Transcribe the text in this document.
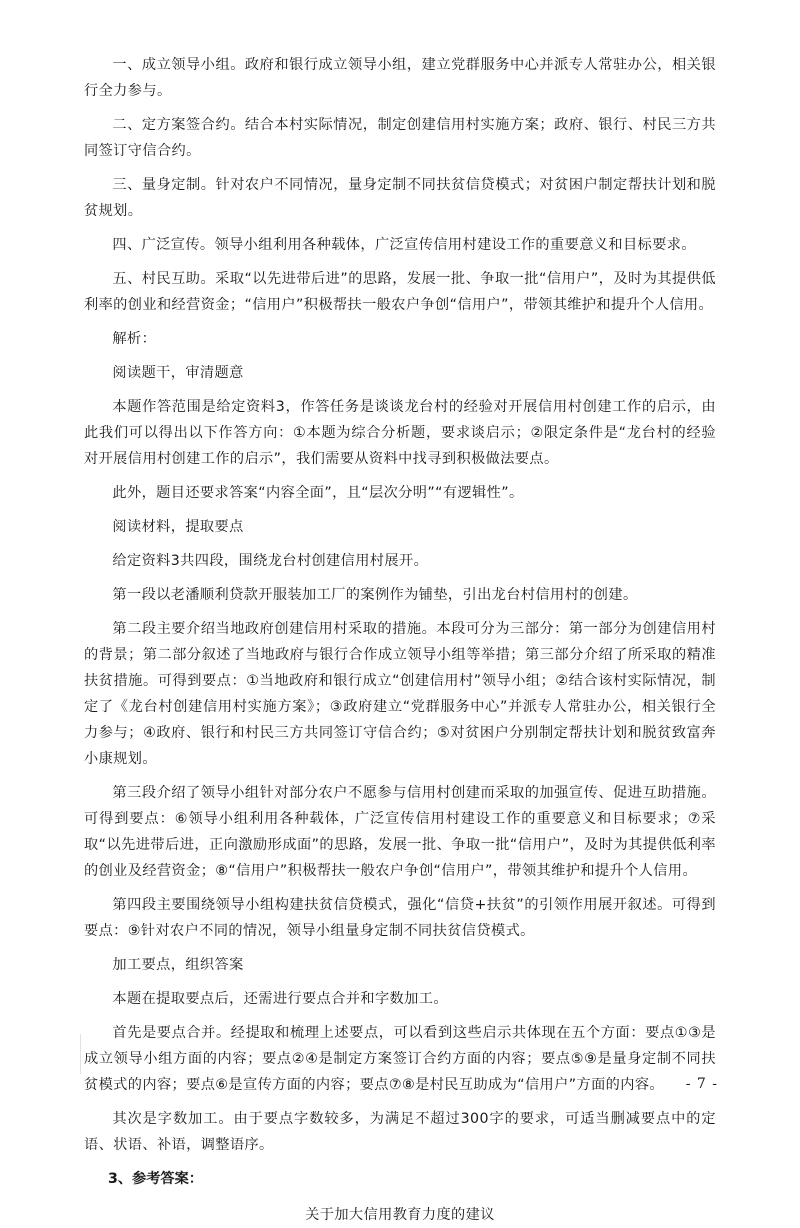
一、成立领导小组。政府和银行成立领导小组，建立党群服务中心并派专人常驻办公，相关银行全力参与。

二、定方案签合约。结合本村实际情况，制定创建信用村实施方案；政府、银行、村民三方共同签订守信合约。

三、量身定制。针对农户不同情况，量身定制不同扶贫信贷模式；对贫困户制定帮扶计划和脱贫规划。

四、广泛宣传。领导小组利用各种载体，广泛宣传信用村建设工作的重要意义和目标要求。

五、村民互助。采取“以先进带后进”的思路，发展一批、争取一批“信用户”，及时为其提供低利率的创业和经营资金；“信用户”积极帮扶一般农户争创“信用户”，带领其维护和提升个人信用。

解析：

阅读题干，审清题意

本题作答范围是给定资料3，作答任务是谈谈龙台村的经验对开展信用村创建工作的启示，由此我们可以得出以下作答方向：①本题为综合分析题，要求谈启示；②限定条件是“龙台村的经验对开展信用村创建工作的启示”，我们需要从资料中找寻到积极做法要点。

此外，题目还要求答案“内容全面”，且“层次分明”“有逻辑性”。

阅读材料，提取要点

给定资料3共四段，围绕龙台村创建信用村展开。

第一段以老潘顺利贷款开服装加工厂的案例作为铺垫，引出龙台村信用村的创建。

第二段主要介绍当地政府创建信用村采取的措施。本段可分为三部分：第一部分为创建信用村的背景；第二部分叙述了当地政府与银行合作成立领导小组等举措；第三部分介绍了所采取的精准扶贫措施。可得到要点：①当地政府和银行成立“创建信用村”领导小组；②结合该村实际情况，制定了《龙台村创建信用村实施方案》；③政府建立“党群服务中心”并派专人常驻办公，相关银行全力参与；④政府、银行和村民三方共同签订守信合约；⑤对贫困户分别制定帮扶计划和脱贫致富奔小康规划。

第三段介绍了领导小组针对部分农户不愿参与信用村创建而采取的加强宣传、促进互助措施。可得到要点：⑥领导小组利用各种载体，广泛宣传信用村建设工作的重要意义和目标要求；⑦采取“以先进带后进，正向激励形成面”的思路，发展一批、争取一批“信用户”，及时为其提供低利率的创业及经营资金；⑧“信用户”积极帮扶一般农户争创“信用户”，带领其维护和提升个人信用。

第四段主要围绕领导小组构建扶贫信贷模式，强化“信贷+扶贫”的引领作用展开叙述。可得到要点：⑨针对农户不同的情况，领导小组量身定制不同扶贫信贷模式。

加工要点，组织答案

本题在提取要点后，还需进行要点合并和字数加工。

首先是要点合并。经提取和梳理上述要点，可以看到这些启示共体现在五个方面：要点①③是成立领导小组方面的内容；要点②④是制定方案签订合约方面的内容；要点⑤⑨是量身定制不同扶贫模式的内容；要点⑥是宣传方面的内容；要点⑦⑧是村民互助成为“信用户”方面的内容。

其次是字数加工。由于要点字数较多，为满足不超过300字的要求，可适当删减要点中的定语、状语、补语，调整语序。

3、参考答案：

关于加大信用教育力度的建议

- 7 -
